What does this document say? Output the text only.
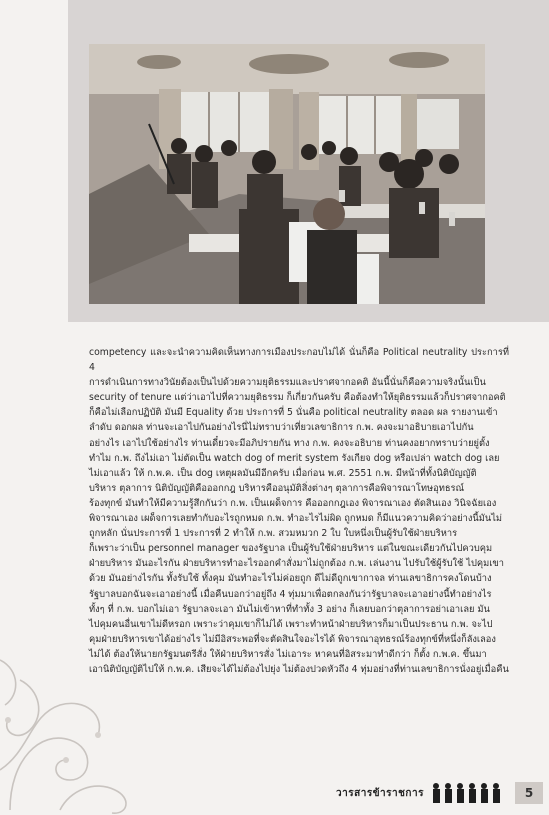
competency และจะนำความคิดเห็นทางการเมืองประกอบไม่ได้ นั่นก็คือ Political neutrality ประการที่ 4

การดำเนินการทางวินัยต้องเป็นไปด้วยความยุติธรรมและปราศจากอคติ อันนี้นั่นก็คือความจริงนั้นเป็น

security of tenure แต่ว่าเอาไปที่ความยุติธรรม ก็เกี่ยวกันครับ คือต้องทำให้ยุติธรรมแล้วก็ปราศจากอคติ

ก็คือไม่เลือกปฏิบัติ มันมี Equality ด้วย ประการที่ 5 นั่นคือ political neutrality ตลอด ผล รายงานเข้า

ลำดับ ดอกผล ท่านจะเอาไปกันอย่างไรนี่ไม่ทราบว่าเที่ยวเลขาธิการ ก.พ. คงจะมาอธิบายเอาไปกัน

อย่างไร เอาไปใช้อย่างไร ท่านเดี๋ยวจะมีอภิปรายกัน ทาง ก.พ. คงจะอธิบาย ท่านคงอยากทราบว่ายยู่ตั้ง

ทำไม ก.พ. ถึงไม่เอา ไม่ตัดเป็น watch dog of merit system รังเกียจ dog หรือเปล่า watch dog เลย

ไม่เอาแล้ว ให้ ก.พ.ค. เป็น dog เหตุผลมันมีอีกครับ เมื่อก่อน พ.ศ. 2551 ก.พ. มีหน้าที่ทั้งนิติบัญญัติ

บริหาร ตุลาการ นิติบัญญัติคือออกกฎ บริหารคืออนุมัติสิ่งต่างๆ ตุลาการคือพิจารณาโทษอุทธรณ์

ร้องทุกข์ มันทำให้มีความรู้สึกกันว่า ก.พ. เป็นเผด็จการ คือออกกฎเอง พิจารณาเอง ตัดสินเอง วินิจฉัยเอง

พิจารณาเอง เผด็จการเลยทำกับอะไรถูกหมด ก.พ. ทำอะไรไม่ผิด ถูกหมด ก็มีแนวความคิดว่าอย่างนี้มันไม่

ถูกหลัก นั่นประการที่ 1 ประการที่ 2 ทำให้ ก.พ. สวมหมวก 2 ใบ ใบหนึ่งเป็นผู้รับใช้ฝ่ายบริหาร

ก็เพราะว่าเป็น personnel manager ของรัฐบาล เป็นผู้รับใช้ฝ่ายบริหาร แต่ในขณะเดียวกันไปควบคุม

ฝ่ายบริหาร มันอะไรกัน ฝ่ายบริหารทำอะไรออกคำสั่งมาไม่ถูกต้อง ก.พ. เล่นงาน ไปรับใช้ผู้รับใช้ ไปคุมเขา

ด้วย มันอย่างไรกัน ทั้งรับใช้ ทั้งคุม มันทำอะไรไม่ค่อยถูก ดีไม่ดีถูกเขากาจล ท่านเลขาธิการคงโดนบ้าง

รัฐบาลบอกฉันจะเอาอย่างนี้ เมื่อคืนบอกว่าอยู่ถึง 4 ทุ่มมาเพื่อตกลงกันว่ารัฐบาลจะเอาอย่างนี้ทำอย่างไร

ทั้งๆ ที่ ก.พ. บอกไม่เอา รัฐบาลจะเอา มันไม่เข้าหาที่ทำทั้ง 3 อย่าง ก็เลยบอกว่าตุลาการอย่าเอาเลย มัน

ไปคุมคนอื่นเขาไม่ดีหรอก เพราะว่าคุมเขาก็ไม่ได้ เพราะทำหน้าฝ่ายบริหารก็มาเป็นประธาน ก.พ. จะไป

คุมฝ่ายบริหารเขาได้อย่างไร ไม่มีอิสระพอที่จะตัดสินใจอะไรได้ พิจารณาอุทธรณ์ร้องทุกข์ที่หนึ่งก็ลังเลอง

ไม่ได้ ต้องให้นายกรัฐมนตรีสั่ง ให้ฝ่ายบริหารสั่ง ไม่เอาระ หาคนที่อิสระมาทำดีกว่า ก็ตั้ง ก.พ.ค. ขึ้นมา

เอานิติบัญญัติไปให้ ก.พ.ค. เสียจะได้ไม่ต้องไปยุ่ง ไม่ต้องปวดหัวถึง 4 ทุ่มอย่างที่ท่านเลขาธิการนั่งอยู่เมื่อคืน

วารสารข้าราชการ	5
